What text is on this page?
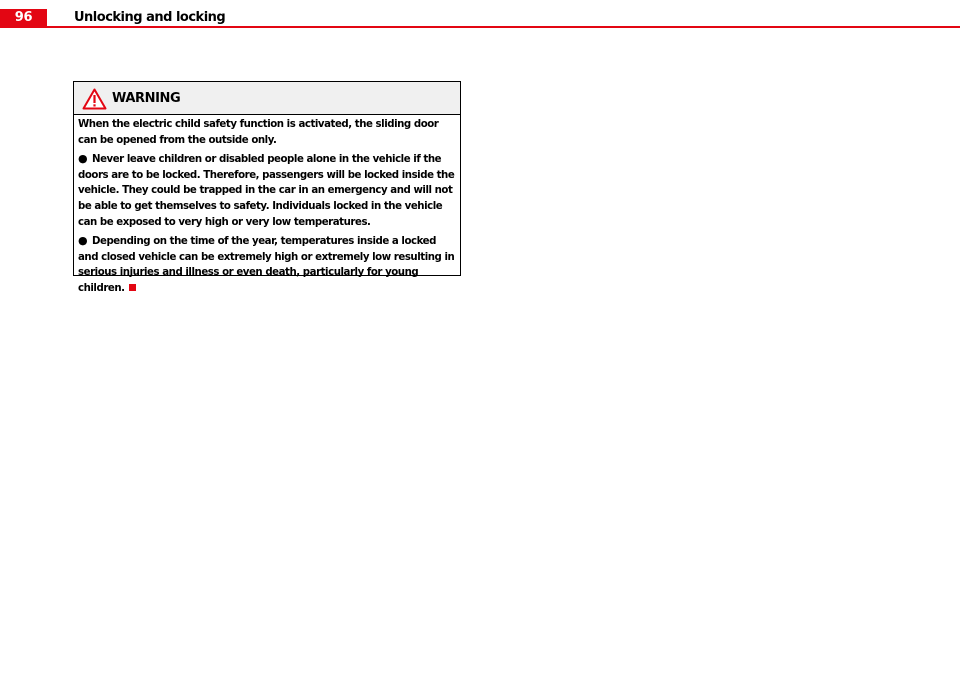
96	Unlocking and locking
WARNING

When the electric child safety function is activated, the sliding door can be opened from the outside only.

● Never leave children or disabled people alone in the vehicle if the doors are to be locked. Therefore, passengers will be locked inside the vehicle. They could be trapped in the car in an emergency and will not be able to get themselves to safety. Individuals locked in the vehicle can be exposed to very high or very low temperatures.

● Depending on the time of the year, temperatures inside a locked and closed vehicle can be extremely high or extremely low resulting in serious injuries and illness or even death, particularly for young children.
